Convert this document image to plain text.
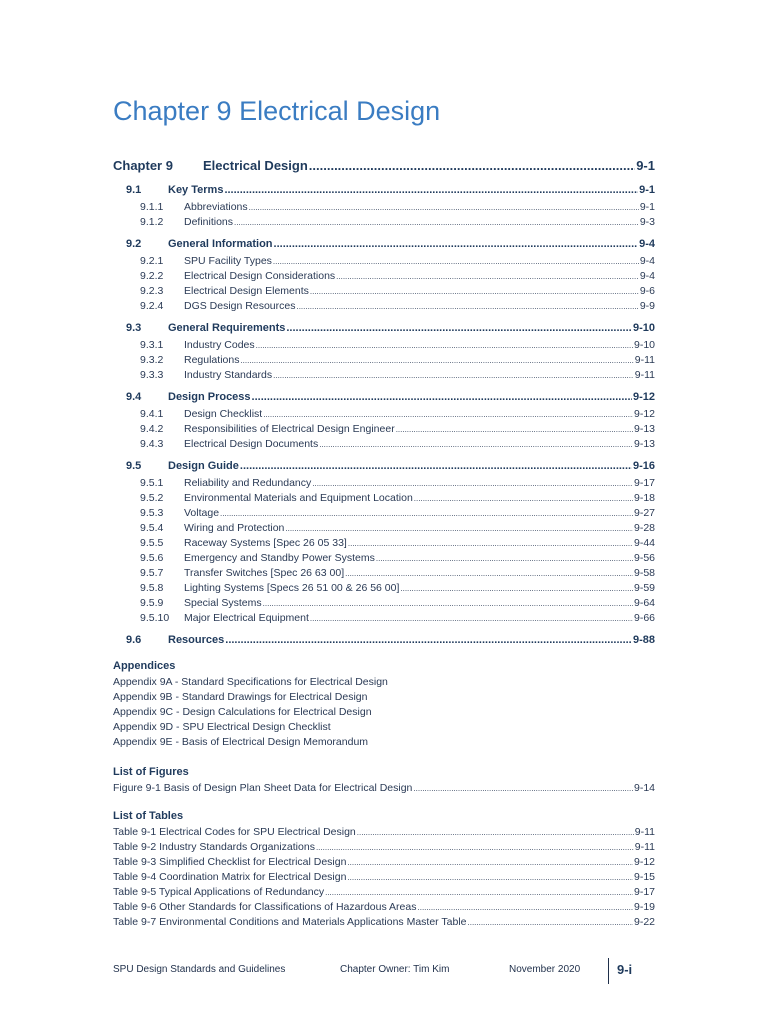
Chapter 9 Electrical Design
Chapter 9 Electrical Design .....	9-1
9.1 Key Terms .....	9-1
9.1.1 Abbreviations .....	9-1
9.1.2 Definitions .....	9-3
9.2 General Information .....	9-4
9.2.1 SPU Facility Types .....	9-4
9.2.2 Electrical Design Considerations .....	9-4
9.2.3 Electrical Design Elements .....	9-6
9.2.4 DGS Design Resources .....	9-9
9.3 General Requirements .....	9-10
9.3.1 Industry Codes .....	9-10
9.3.2 Regulations .....	9-11
9.3.3 Industry Standards .....	9-11
9.4 Design Process .....	9-12
9.4.1 Design Checklist .....	9-12
9.4.2 Responsibilities of Electrical Design Engineer .....	9-13
9.4.3 Electrical Design Documents .....	9-13
9.5 Design Guide .....	9-16
9.5.1 Reliability and Redundancy .....	9-17
9.5.2 Environmental Materials and Equipment Location .....	9-18
9.5.3 Voltage .....	9-27
9.5.4 Wiring and Protection .....	9-28
9.5.5 Raceway Systems [Spec 26 05 33] .....	9-44
9.5.6 Emergency and Standby Power Systems .....	9-56
9.5.7 Transfer Switches [Spec 26 63 00] .....	9-58
9.5.8 Lighting Systems [Specs 26 51 00 & 26 56 00] .....	9-59
9.5.9 Special Systems .....	9-64
9.5.10 Major Electrical Equipment .....	9-66
9.6 Resources .....	9-88
Appendices
Appendix 9A - Standard Specifications for Electrical Design
Appendix 9B - Standard Drawings for Electrical Design
Appendix 9C - Design Calculations for Electrical Design
Appendix 9D - SPU Electrical Design Checklist
Appendix 9E - Basis of Electrical Design Memorandum
List of Figures
Figure 9-1 Basis of Design Plan Sheet Data for Electrical Design .....	9-14
List of Tables
Table 9-1 Electrical Codes for SPU Electrical Design .....	9-11
Table 9-2 Industry Standards Organizations .....	9-11
Table 9-3 Simplified Checklist for Electrical Design .....	9-12
Table 9-4 Coordination Matrix for Electrical Design .....	9-15
Table 9-5 Typical Applications of Redundancy .....	9-17
Table 9-6 Other Standards for Classifications of Hazardous Areas .....	9-19
Table 9-7 Environmental Conditions and Materials Applications Master Table .....	9-22
SPU Design Standards and Guidelines	Chapter Owner: Tim Kim	November 2020	9-i
